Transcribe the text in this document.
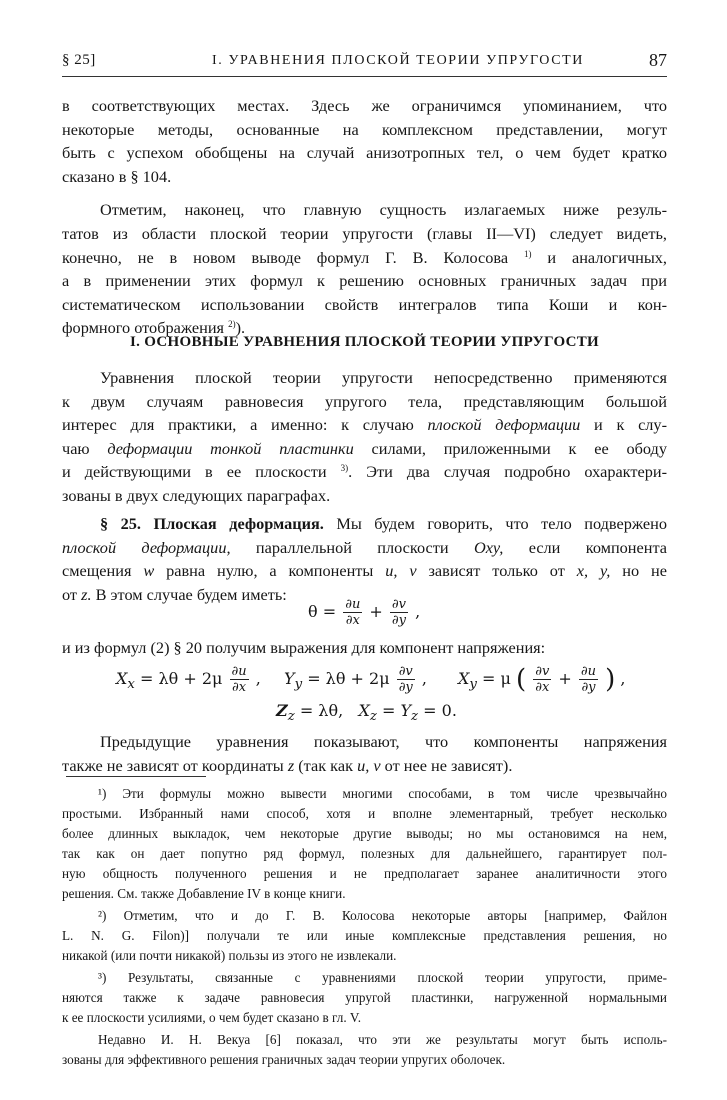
§ 25]	I. УРАВНЕНИЯ ПЛОСКОЙ ТЕОРИИ УПРУГОСТИ	87

в соответствующих местах. Здесь же ограничимся упоминанием, что

некоторые методы, основанные на комплексном представлении, могут

быть с успехом обобщены на случай анизотропных тел, о чем будет кратко

сказано в § 104.

Отметим, наконец, что главную сущность излагаемых ниже резуль-

татов из области плоской теории упругости (главы II—VI) следует видеть,

конечно, не в новом выводе формул Г. В. Колосова $^{1)}$ и аналогичных,

а в применении этих формул к решению основных граничных задач при

систематическом использовании свойств интегралов типа Коши и кон-

формного отображения $^{2)}$).

I. ОСНОВНЫЕ УРАВНЕНИЯ ПЛОСКОЙ ТЕОРИИ УПРУГОСТИ

Уравнения плоской теории упругости непосредственно применяются

к двум случаям равновесия упругого тела, представляющим большой

интерес для практики, а именно: к случаю плоской деформации и к слу-

чаю деформации тонкой пластинки силами, приложенными к ее ободу

и действующими в ее плоскости $^{3)}$. Эти два случая подробно охарактери-

зованы в двух следующих параграфах.

§ 25. Плоская деформация. Мы будем говорить, что тело подвержено

плоской деформации, параллельной плоскости Oxy, если компонента

смещения w равна нулю, а компоненты u, v зависят только от x, y, но не

от z. В этом случае будем иметь:

$\theta = \frac{\partial u}{\partial x} + \frac{\partial v}{\partial y}$ ,

и из формул (2) § 20 получим выражения для компонент напряжения:

$X_x = \lambda\theta + 2\mu \frac{\partial u}{\partial x}$ , $Y_y = \lambda\theta + 2\mu \frac{\partial v}{\partial y}$ , $X_y = \mu$ ( $\frac{\partial v}{\partial x} + \frac{\partial u}{\partial y}$ ) ,
$Z_z = \lambda\theta$, $X_z = Y_z = 0$.

Предыдущие уравнения показывают, что компоненты напряжения

также не зависят от координаты z (так как u, v от нее не зависят).

¹) Эти формулы можно вывести многими способами, в том числе чрезвычайно

простыми. Избранный нами способ, хотя и вполне элементарный, требует несколько

более длинных выкладок, чем некоторые другие выводы; но мы остановимся на нем,

так как он дает попутно ряд формул, полезных для дальнейшего, гарантирует пол-

ную общность полученного решения и не предполагает заранее аналитичности этого

решения. См. также Добавление IV в конце книги.

²) Отметим, что и до Г. В. Колосова некоторые авторы [например, Файлон

L. N. G. Filon)] получали те или иные комплексные представления решения, но

никакой (или почти никакой) пользы из этого не извлекали.

³) Результаты, связанные с уравнениями плоской теории упругости, приме-

няются также к задаче равновесия упругой пластинки, нагруженной нормальными

к ее плоскости усилиями, о чем будет сказано в гл. V.

Недавно И. Н. Векуа [6] показал, что эти же результаты могут быть исполь-

зованы для эффективного решения граничных задач теории упругих оболочек.
